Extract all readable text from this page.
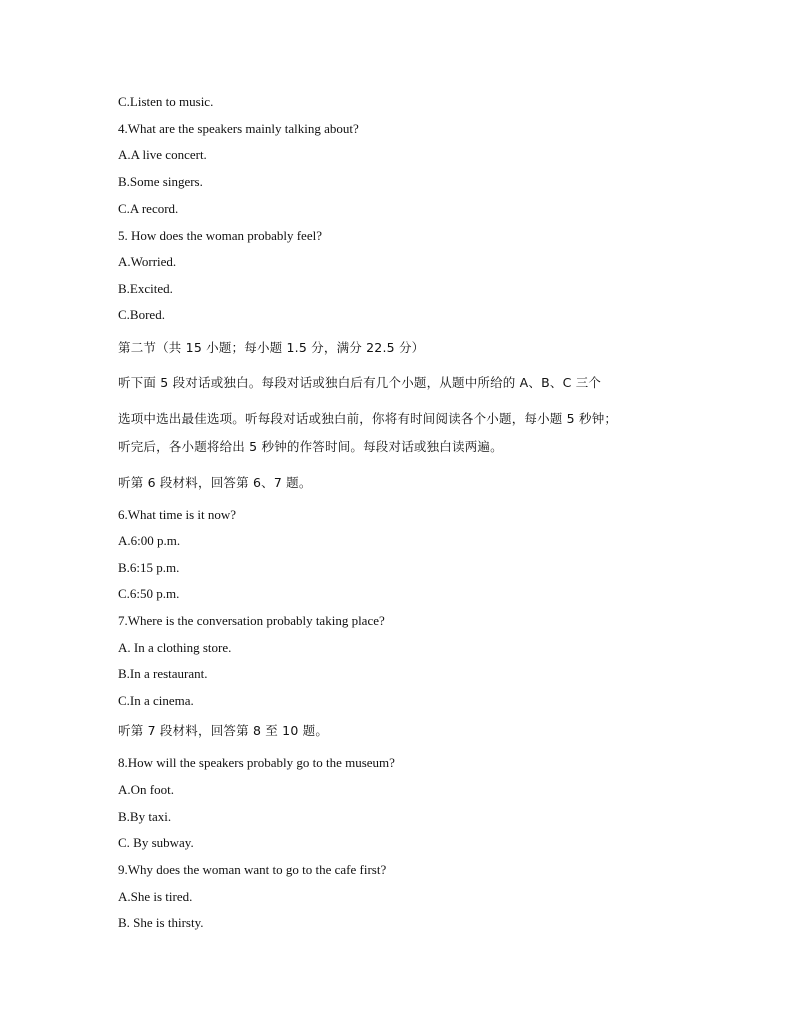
C.Listen to music.
4.What are the speakers mainly talking about?
A.A live concert.
B.Some singers.
C.A record.
5. How does the woman probably feel?
A.Worried.
B.Excited.
C.Bored.
第二节（共 15 小题；每小题 1.5 分，满分 22.5 分）
听下面 5 段对话或独白。每段对话或独白后有几个小题，从题中所给的 A、B、C 三个
选项中选出最佳选项。听每段对话或独白前，你将有时间阅读各个小题，每小题 5 秒钟；
听完后，各小题将给出 5 秒钟的作答时间。每段对话或独白读两遍。
听第 6 段材料，回答第 6、7 题。
6.What time is it now?
A.6:00 p.m.
B.6:15 p.m.
C.6:50 p.m.
7.Where is the conversation probably taking place?
A. In a clothing store.
B.In a restaurant.
C.In a cinema.
听第 7 段材料，回答第 8 至 10 题。
8.How will the speakers probably go to the museum?
A.On foot.
B.By taxi.
C. By subway.
9.Why does the woman want to go to the cafe first?
A.She is tired.
B. She is thirsty.
